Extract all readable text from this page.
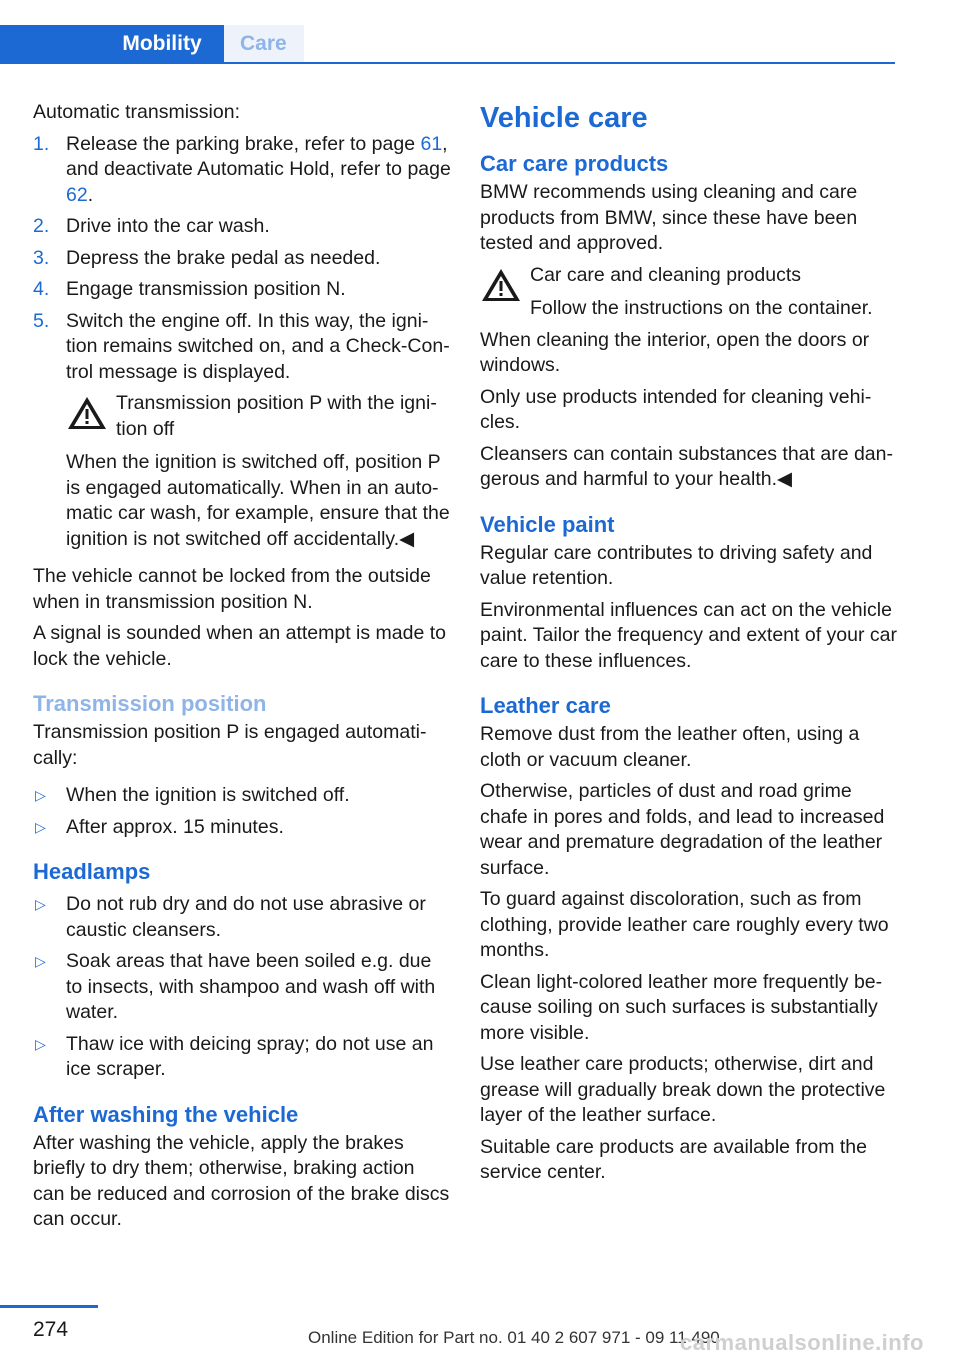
Mobility	Care

Automatic transmission:

1. Release the parking brake, refer to page 61, and deactivate Automatic Hold, refer to page 62.
2. Drive into the car wash.
3. Depress the brake pedal as needed.
4. Engage transmission position N.
5. Switch the engine off. In this way, the igni‐tion remains switched on, and a Check-Con‐trol message is displayed.
Transmission position P with the igni‐tion off

When the ignition is switched off, position P is engaged automatically. When in an auto‐matic car wash, for example, ensure that the ignition is not switched off accidentally.◀

The vehicle cannot be locked from the outside when in transmission position N.

A signal is sounded when an attempt is made to lock the vehicle.

Transmission position

Transmission position P is engaged automati‐cally:

▷ When the ignition is switched off.
▷ After approx. 15 minutes.
Headlamps
▷ Do not rub dry and do not use abrasive or caustic cleansers.
▷ Soak areas that have been soiled e.g. due to insects, with shampoo and wash off with water.
▷ Thaw ice with deicing spray; do not use an ice scraper.
After washing the vehicle

After washing the vehicle, apply the brakes briefly to dry them; otherwise, braking action can be reduced and corrosion of the brake discs can occur.

Vehicle care
Car care products

BMW recommends using cleaning and care products from BMW, since these have been tested and approved.

Car care and cleaning products
Follow the instructions on the container.

When cleaning the interior, open the doors or windows.

Only use products intended for cleaning vehi‐cles.

Cleansers can contain substances that are dan‐gerous and harmful to your health.◀

Vehicle paint

Regular care contributes to driving safety and value retention.

Environmental influences can act on the vehicle paint. Tailor the frequency and extent of your car care to these influences.

Leather care

Remove dust from the leather often, using a cloth or vacuum cleaner.

Otherwise, particles of dust and road grime chafe in pores and folds, and lead to increased wear and premature degradation of the leather surface.

To guard against discoloration, such as from clothing, provide leather care roughly every two months.

Clean light-colored leather more frequently be‐cause soiling on such surfaces is substantially more visible.

Use leather care products; otherwise, dirt and grease will gradually break down the protective layer of the leather surface.

Suitable care products are available from the service center.

274	Online Edition for Part no. 01 40 2 607 971 - 09 11 490
carmanualsonline.info
